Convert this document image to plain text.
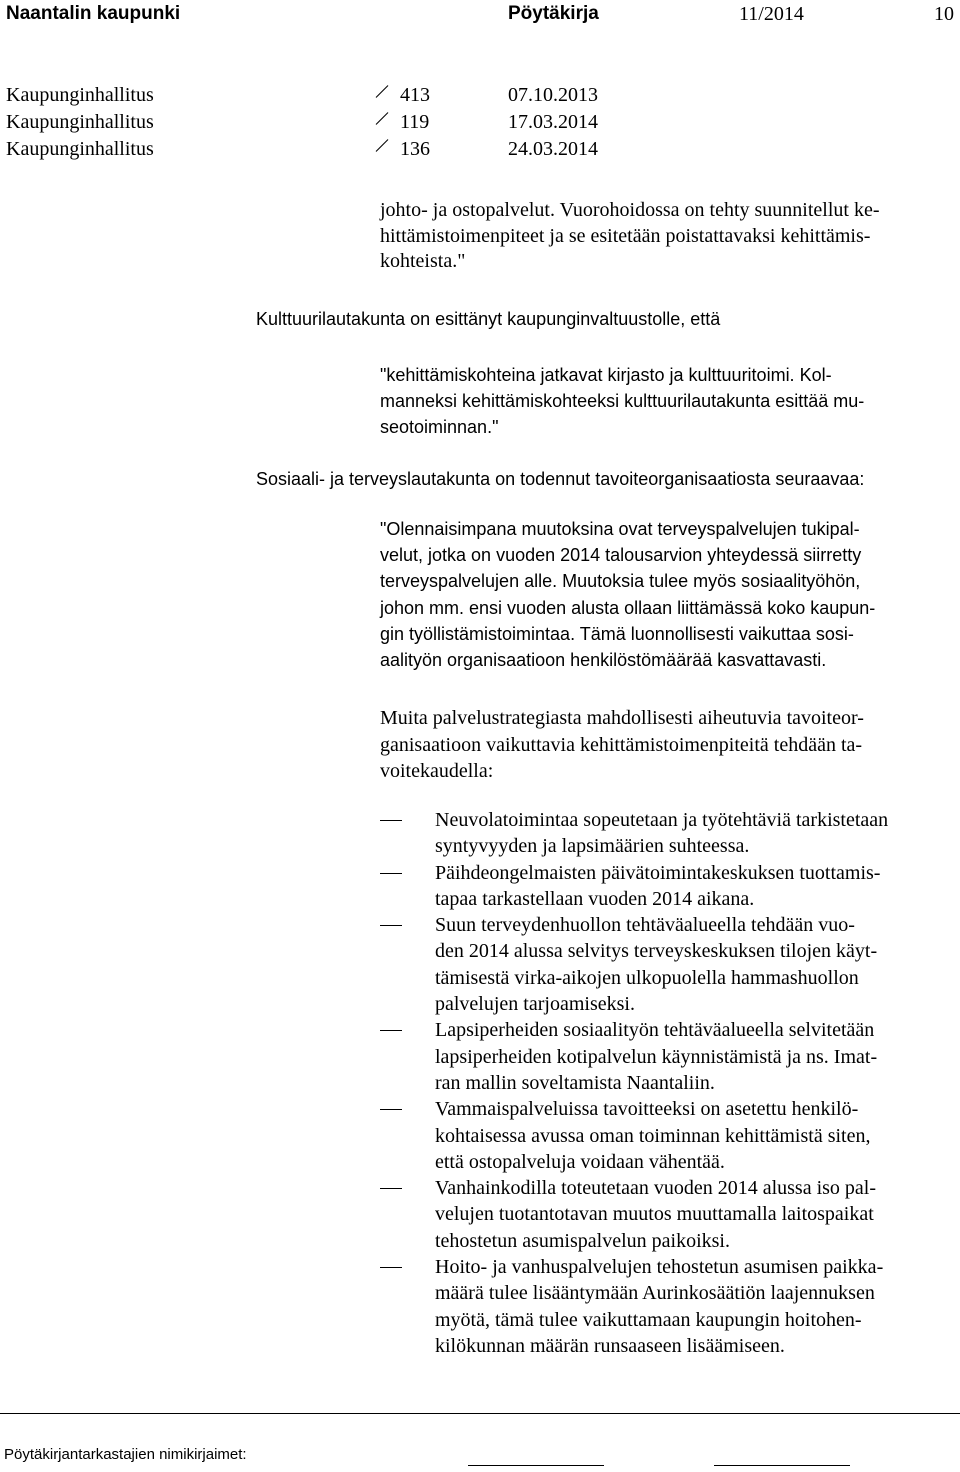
Naantalin kaupunki	Pöytäkirja	11/2014	10
Kaupunginhallitus	413	07.10.2013
Kaupunginhallitus	119	17.03.2014
Kaupunginhallitus	136	24.03.2014
johto- ja ostopalvelut. Vuorohoidossa on tehty suunnitellut ke-
hittämistoimenpiteet ja se esitetään poistattavaksi kehittämis-
kohteista."
Kulttuurilautakunta on esittänyt kaupunginvaltuustolle, että
"kehittämiskohteina jatkavat kirjasto ja kulttuuritoimi. Kol-
manneksi kehittämiskohteeksi kulttuurilautakunta esittää mu-
seotoiminnan."
Sosiaali- ja terveyslautakunta on todennut tavoiteorganisaatiosta seuraavaa:
"Olennaisimpana muutoksina ovat terveyspalvelujen tukipal-
velut, jotka on vuoden 2014 talousarvion yhteydessä siirretty
terveyspalvelujen alle. Muutoksia tulee myös sosiaalityöhön,
johon mm. ensi vuoden alusta ollaan liittämässä koko kaupun-
gin työllistämistoimintaa. Tämä luonnollisesti vaikuttaa sosi-
aalityön organisaatioon henkilöstömäärää kasvattavasti.
Muita palvelustrategiasta mahdollisesti aiheutuvia tavoiteor-
ganisaatioon vaikuttavia kehittämistoimenpiteitä tehdään ta-
voitekaudella:
Neuvolatoimintaa sopeutetaan ja työtehtäviä tarkistetaan
syntyvyyden ja lapsimäärien suhteessa.
Päihdeongelmaisten päivätoimintakeskuksen tuottamis-
tapaa tarkastellaan vuoden 2014 aikana.
Suun terveydenhuollon tehtäväalueella tehdään vuo-
den 2014 alussa selvitys terveyskeskuksen tilojen käyt-
tämisestä virka-aikojen ulkopuolella hammashuollon
palvelujen tarjoamiseksi.
Lapsiperheiden sosiaalityön tehtäväalueella selvitetään
lapsiperheiden kotipalvelun käynnistämistä ja ns. Imat-
ran mallin soveltamista Naantaliin.
Vammaispalveluissa tavoitteeksi on asetettu henkilö-
kohtaisessa avussa oman toiminnan kehittämistä siten,
että ostopalveluja voidaan vähentää.
Vanhainkodilla toteutetaan vuoden 2014 alussa iso pal-
velujen tuotantotavan muutos muuttamalla laitospaikat
tehostetun asumispalvelun paikoiksi.
Hoito- ja vanhuspalvelujen tehostetun asumisen paikka-
määrä tulee lisääntymään Aurinkosäätiön laajennuksen
myötä, tämä tulee vaikuttamaan kaupungin hoitohen-
kilökunnan määrän runsaaseen lisäämiseen.
Pöytäkirjantarkastajien nimikirjaimet:
